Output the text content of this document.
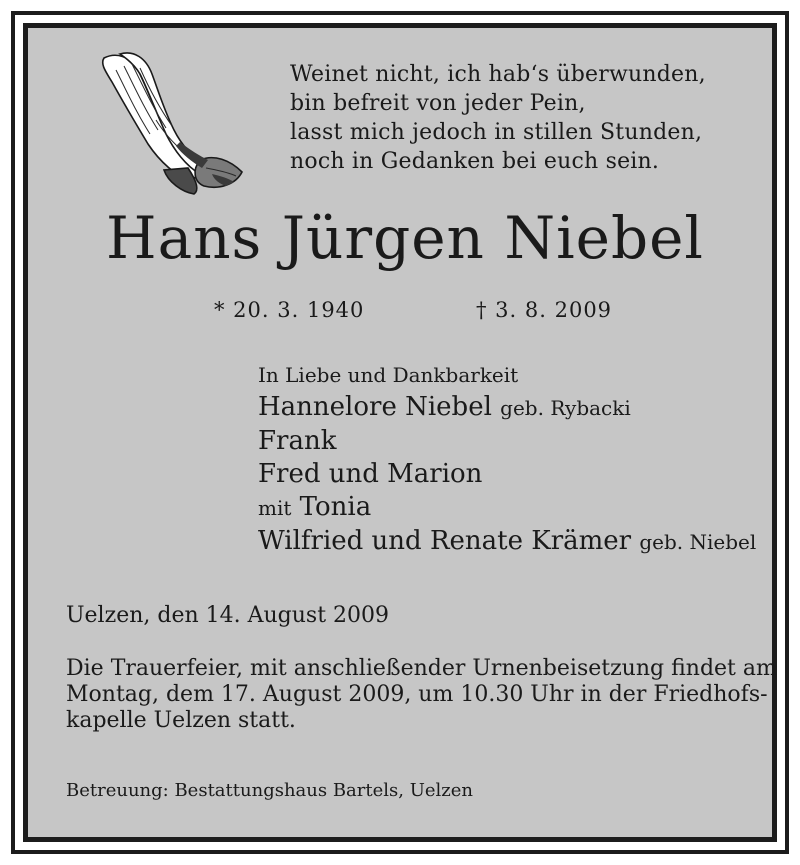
Weinet nicht, ich hab‘s überwunden,
bin befreit von jeder Pein,
lasst mich jedoch in stillen Stunden,
noch in Gedanken bei euch sein.
Hans Jürgen Niebel
* 20. 3. 1940	† 3. 8. 2009
In Liebe und Dankbarkeit
Hannelore Niebel geb. Rybacki
Frank
Fred und Marion
mit Tonia
Wilfried und Renate Krämer geb. Niebel
Uelzen, den 14. August 2009
Die Trauerfeier, mit anschließender Urnenbeisetzung findet am
Montag, dem 17. August 2009, um 10.30 Uhr in der Friedhofs-
kapelle Uelzen statt.
Betreuung: Bestattungshaus Bartels, Uelzen
